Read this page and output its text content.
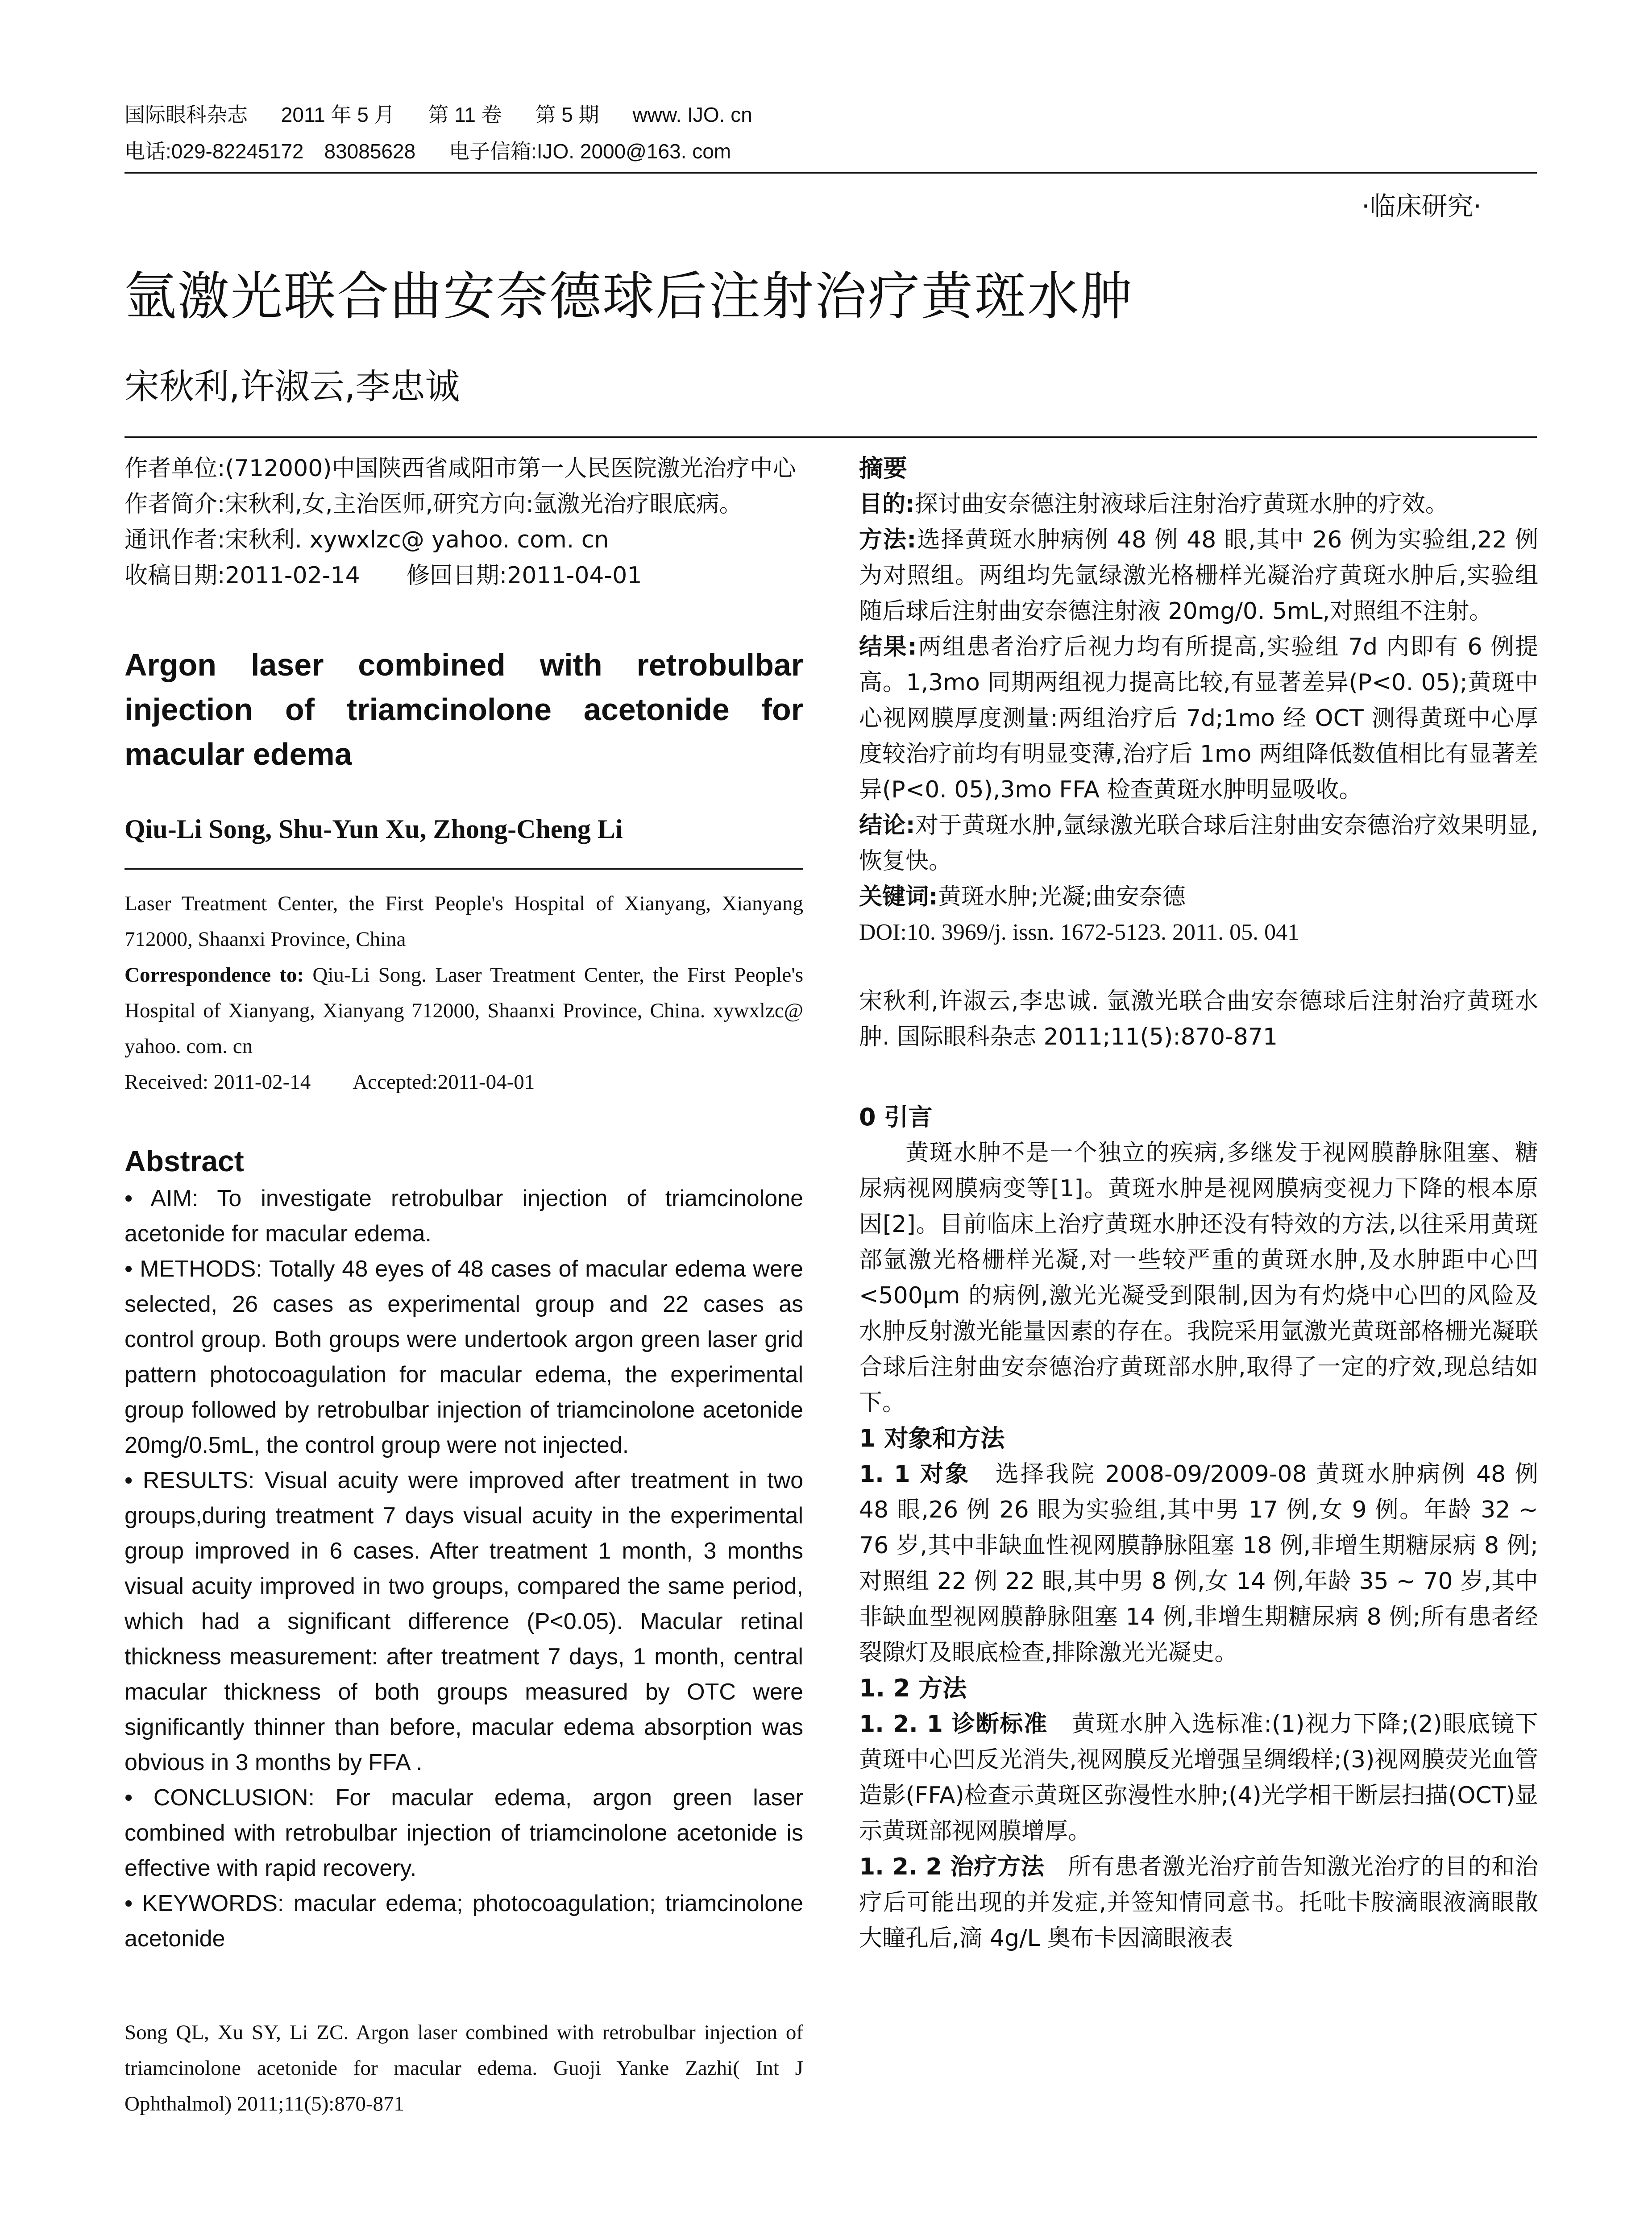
国际眼科杂志 2011 年 5 月 第 11 卷 第 5 期 www. IJO. cn
电话:029-82245172　83085628 电子信箱:IJO. 2000@163. com
·临床研究·
氩激光联合曲安奈德球后注射治疗黄斑水肿
宋秋利,许淑云,李忠诚
作者单位:(712000)中国陕西省咸阳市第一人民医院激光治疗中心
作者简介:宋秋利,女,主治医师,研究方向:氩激光治疗眼底病。
通讯作者:宋秋利. xywxlzc@ yahoo. com. cn
收稿日期:2011-02-14　　修回日期:2011-04-01
Argon laser combined with retrobulbar injection of triamcinolone acetonide for macular edema
Qiu-Li Song, Shu-Yun Xu, Zhong-Cheng Li
Laser Treatment Center, the First People's Hospital of Xianyang, Xianyang 712000, Shaanxi Province, China
Correspondence to: Qiu-Li Song. Laser Treatment Center, the First People's Hospital of Xianyang, Xianyang 712000, Shaanxi Province, China. xywxlzc@ yahoo. com. cn
Received: 2011-02-14　　Accepted:2011-04-01
Abstract
• AIM: To investigate retrobulbar injection of triamcinolone acetonide for macular edema.
• METHODS: Totally 48 eyes of 48 cases of macular edema were selected, 26 cases as experimental group and 22 cases as control group. Both groups were undertook argon green laser grid pattern photocoagulation for macular edema, the experimental group followed by retrobulbar injection of triamcinolone acetonide 20mg/0.5mL, the control group were not injected.
• RESULTS: Visual acuity were improved after treatment in two groups,during treatment 7 days visual acuity in the experimental group improved in 6 cases. After treatment 1 month, 3 months visual acuity improved in two groups, compared the same period, which had a significant difference (P<0.05). Macular retinal thickness measurement: after treatment 7 days, 1 month, central macular thickness of both groups measured by OTC were significantly thinner than before, macular edema absorption was obvious in 3 months by FFA .
• CONCLUSION: For macular edema, argon green laser combined with retrobulbar injection of triamcinolone acetonide is effective with rapid recovery.
• KEYWORDS: macular edema; photocoagulation; triamcinolone acetonide
Song QL, Xu SY, Li ZC. Argon laser combined with retrobulbar injection of triamcinolone acetonide for macular edema. Guoji Yanke Zazhi( Int J Ophthalmol) 2011;11(5):870-871
摘要
目的:探讨曲安奈德注射液球后注射治疗黄斑水肿的疗效。
方法:选择黄斑水肿病例 48 例 48 眼,其中 26 例为实验组,22 例为对照组。两组均先氩绿激光格栅样光凝治疗黄斑水肿后,实验组随后球后注射曲安奈德注射液 20mg/0. 5mL,对照组不注射。
结果:两组患者治疗后视力均有所提高,实验组 7d 内即有 6 例提高。1,3mo 同期两组视力提高比较,有显著差异(P<0. 05);黄斑中心视网膜厚度测量:两组治疗后 7d;1mo 经 OCT 测得黄斑中心厚度较治疗前均有明显变薄,治疗后 1mo 两组降低数值相比有显著差异(P<0. 05),3mo FFA 检查黄斑水肿明显吸收。
结论:对于黄斑水肿,氩绿激光联合球后注射曲安奈德治疗效果明显,恢复快。
关键词:黄斑水肿;光凝;曲安奈德
DOI:10. 3969/j. issn. 1672-5123. 2011. 05. 041
宋秋利,许淑云,李忠诚. 氩激光联合曲安奈德球后注射治疗黄斑水肿. 国际眼科杂志 2011;11(5):870-871
0 引言
黄斑水肿不是一个独立的疾病,多继发于视网膜静脉阻塞、糖尿病视网膜病变等[1]。黄斑水肿是视网膜病变视力下降的根本原因[2]。目前临床上治疗黄斑水肿还没有特效的方法,以往采用黄斑部氩激光格栅样光凝,对一些较严重的黄斑水肿,及水肿距中心凹 <500μm 的病例,激光光凝受到限制,因为有灼烧中心凹的风险及水肿反射激光能量因素的存在。我院采用氩激光黄斑部格栅光凝联合球后注射曲安奈德治疗黄斑部水肿,取得了一定的疗效,现总结如下。
1 对象和方法
1. 1 对象　选择我院 2008-09/2009-08 黄斑水肿病例 48 例 48 眼,26 例 26 眼为实验组,其中男 17 例,女 9 例。年龄 32 ~ 76 岁,其中非缺血性视网膜静脉阻塞 18 例,非增生期糖尿病 8 例;对照组 22 例 22 眼,其中男 8 例,女 14 例,年龄 35 ~ 70 岁,其中非缺血型视网膜静脉阻塞 14 例,非增生期糖尿病 8 例;所有患者经裂隙灯及眼底检查,排除激光光凝史。
1. 2 方法
1. 2. 1 诊断标准　黄斑水肿入选标准:(1)视力下降;(2)眼底镜下黄斑中心凹反光消失,视网膜反光增强呈绸缎样;(3)视网膜荧光血管造影(FFA)检查示黄斑区弥漫性水肿;(4)光学相干断层扫描(OCT)显示黄斑部视网膜增厚。
1. 2. 2 治疗方法　所有患者激光治疗前告知激光治疗的目的和治疗后可能出现的并发症,并签知情同意书。托吡卡胺滴眼液滴眼散大瞳孔后,滴 4g/L 奥布卡因滴眼液表
